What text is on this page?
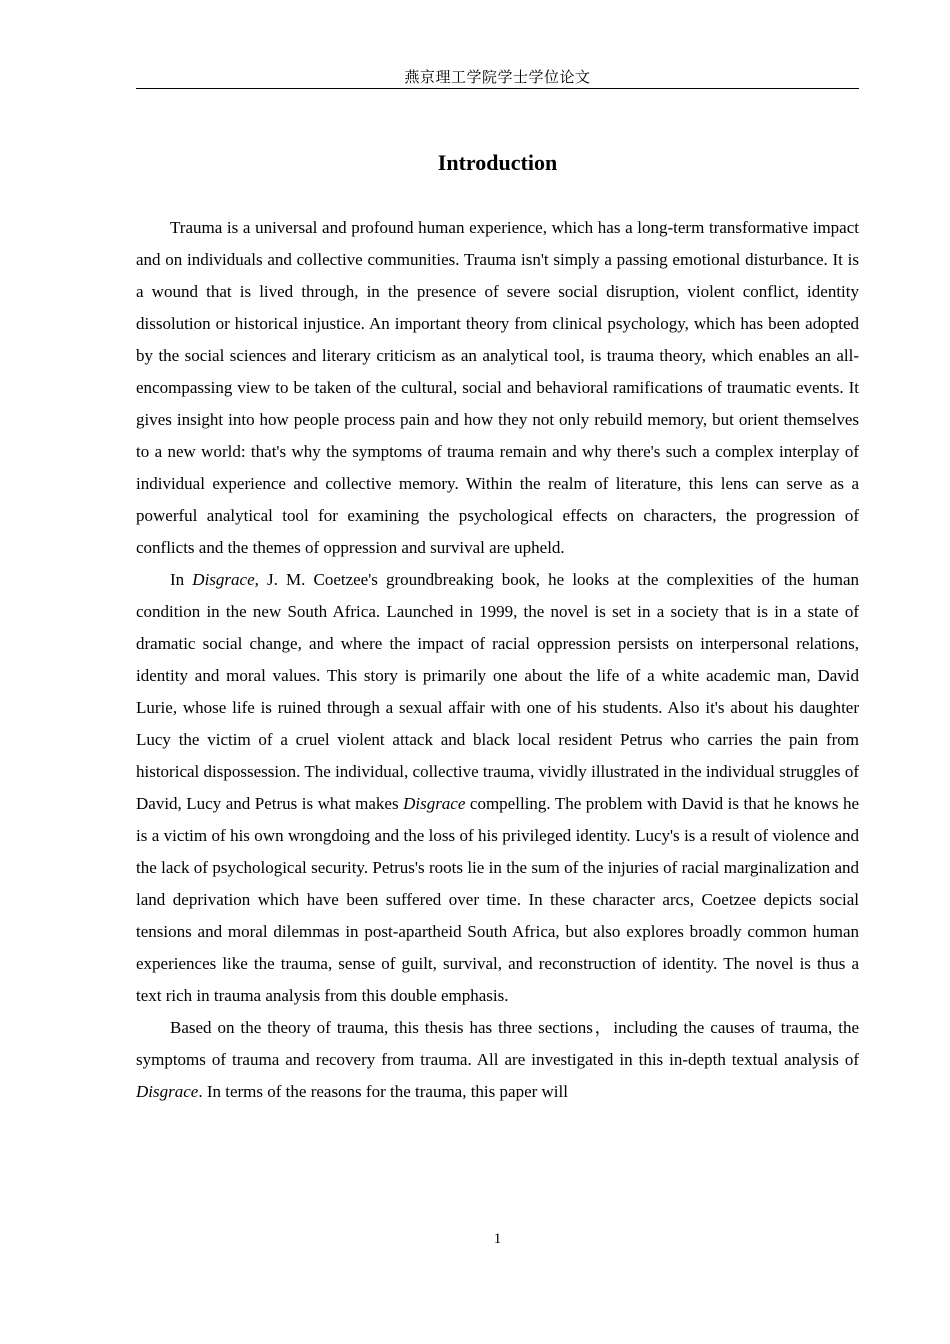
燕京理工学院学士学位论文
Introduction

Trauma is a universal and profound human experience, which has a long-term transformative impact and on individuals and collective communities. Trauma isn't simply a passing emotional disturbance. It is a wound that is lived through, in the presence of severe social disruption, violent conflict, identity dissolution or historical injustice. An important theory from clinical psychology, which has been adopted by the social sciences and literary criticism as an analytical tool, is trauma theory, which enables an all-encompassing view to be taken of the cultural, social and behavioral ramifications of traumatic events. It gives insight into how people process pain and how they not only rebuild memory, but orient themselves to a new world: that's why the symptoms of trauma remain and why there's such a complex interplay of individual experience and collective memory. Within the realm of literature, this lens can serve as a powerful analytical tool for examining the psychological effects on characters, the progression of conflicts and the themes of oppression and survival are upheld.

In Disgrace, J. M. Coetzee's groundbreaking book, he looks at the complexities of the human condition in the new South Africa. Launched in 1999, the novel is set in a society that is in a state of dramatic social change, and where the impact of racial oppression persists on interpersonal relations, identity and moral values. This story is primarily one about the life of a white academic man, David Lurie, whose life is ruined through a sexual affair with one of his students. Also it's about his daughter Lucy the victim of a cruel violent attack and black local resident Petrus who carries the pain from historical dispossession. The individual, collective trauma, vividly illustrated in the individual struggles of David, Lucy and Petrus is what makes Disgrace compelling. The problem with David is that he knows he is a victim of his own wrongdoing and the loss of his privileged identity. Lucy's is a result of violence and the lack of psychological security. Petrus's roots lie in the sum of the injuries of racial marginalization and land deprivation which have been suffered over time. In these character arcs, Coetzee depicts social tensions and moral dilemmas in post-apartheid South Africa, but also explores broadly common human experiences like the trauma, sense of guilt, survival, and reconstruction of identity. The novel is thus a text rich in trauma analysis from this double emphasis.

Based on the theory of trauma, this thesis has three sections，including the causes of trauma, the symptoms of trauma and recovery from trauma. All are investigated in this in-depth textual analysis of Disgrace. In terms of the reasons for the trauma, this paper will

1
